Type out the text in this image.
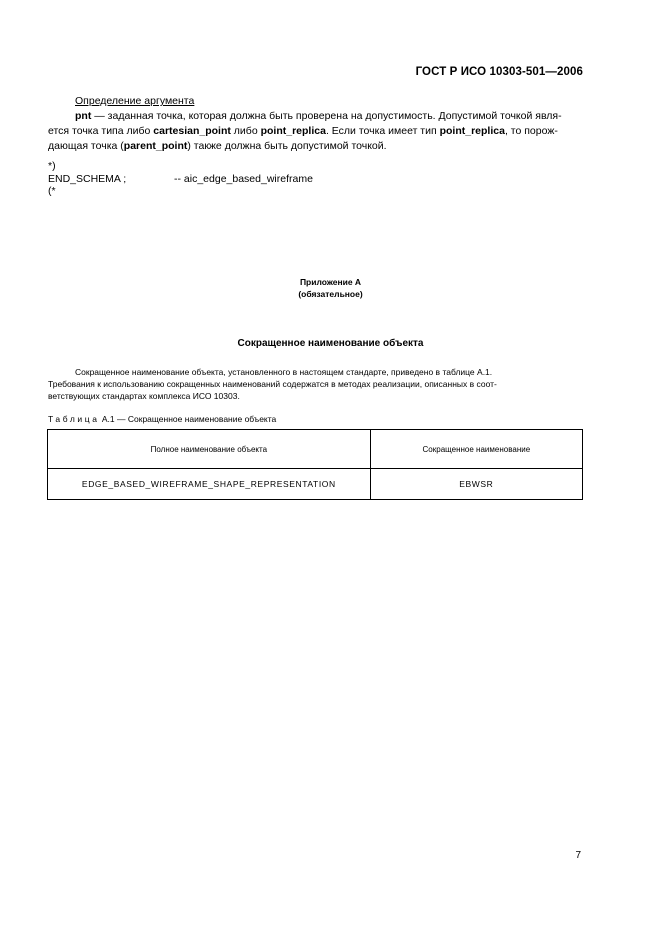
ГОСТ Р ИСО 10303-501—2006
Определение аргумента
pnt — заданная точка, которая должна быть проверена на допустимость. Допустимой точкой явля-
ется точка типа либо cartesian_point либо point_replica. Если точка имеет тип point_replica, то порож-
дающая точка (parent_point) также должна быть допустимой точкой.
*)
END_SCHEMA ;	-- aic_edge_based_wireframe
(*
Приложение А
(обязательное)
Сокращенное наименование объекта
Сокращенное наименование объекта, установленного в настоящем стандарте, приведено в таблице А.1.
Требования к использованию сокращенных наименований содержатся в методах реализации, описанных в соот-
ветствующих стандартах комплекса ИСО 10303.
Таблица А.1 — Сокращенное наименование объекта
Полное наименование объекта	Сокращенное наименование
EDGE_BASED_WIREFRAME_SHAPE_REPRESENTATION	EBWSR
7
